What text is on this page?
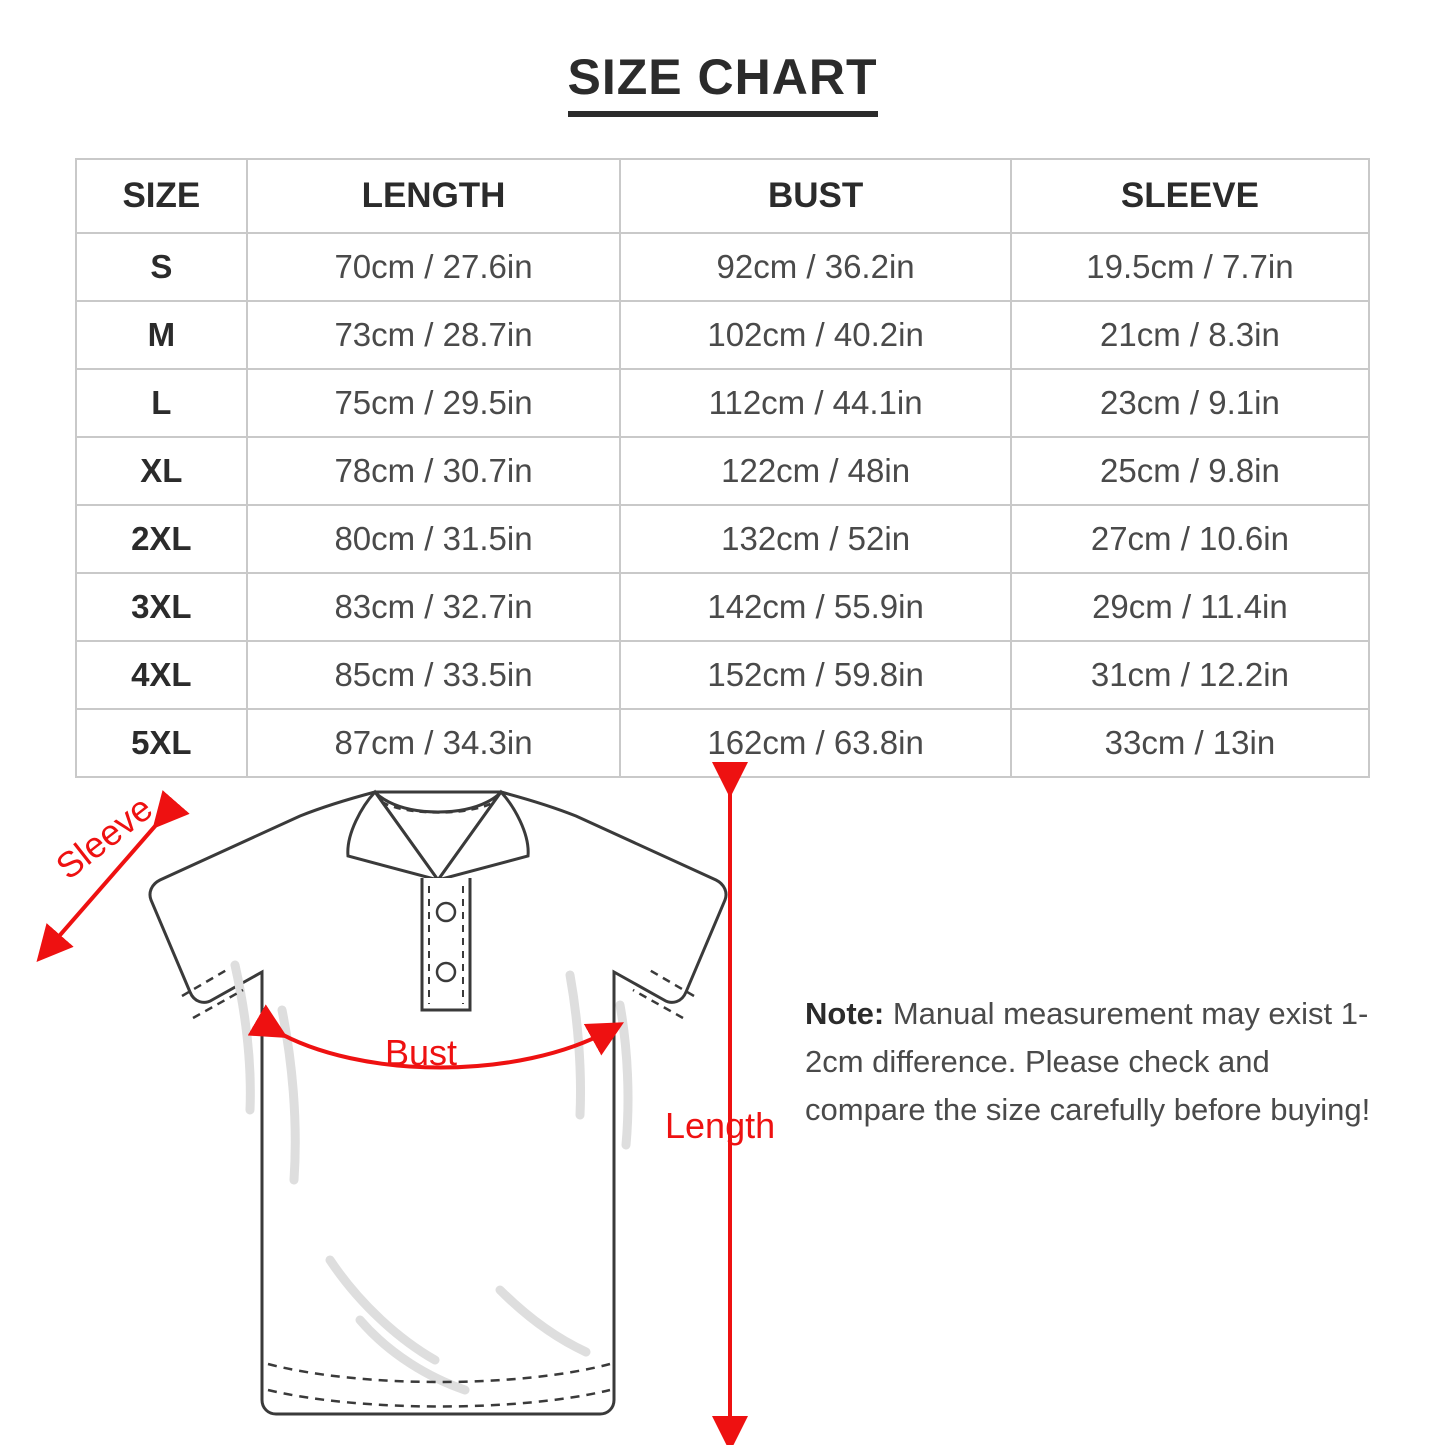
SIZE CHART
SIZE	LENGTH	BUST	SLEEVE
S	70cm / 27.6in	92cm / 36.2in	19.5cm / 7.7in
M	73cm / 28.7in	102cm / 40.2in	21cm / 8.3in
L	75cm / 29.5in	112cm / 44.1in	23cm / 9.1in
XL	78cm / 30.7in	122cm / 48in	25cm / 9.8in
2XL	80cm / 31.5in	132cm / 52in	27cm / 10.6in
3XL	83cm / 32.7in	142cm / 55.9in	29cm / 11.4in
4XL	85cm / 33.5in	152cm / 59.8in	31cm / 12.2in
5XL	87cm / 34.3in	162cm / 63.8in	33cm / 13in
Sleeve
Bust
Length
Note: Manual measurement may exist 1-2cm difference. Please check and compare the size carefully before buying!
